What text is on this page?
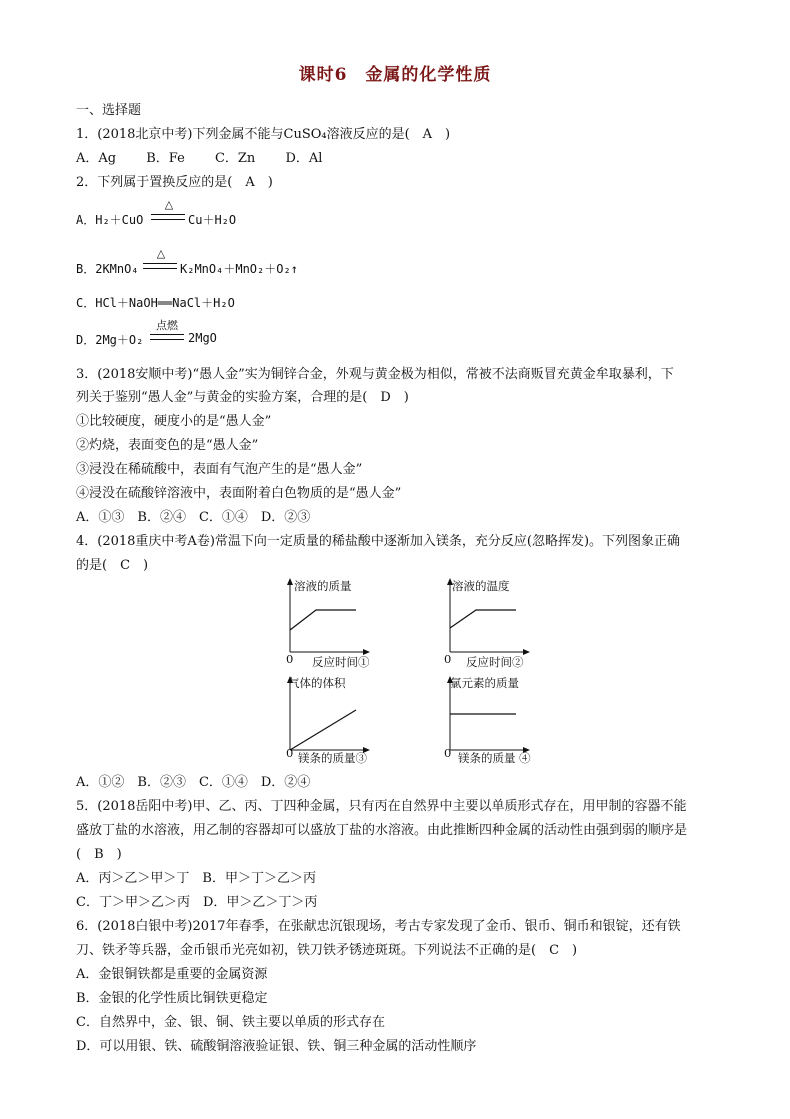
课时6　金属的化学性质
一、选择题
1．(2018北京中考)下列金属不能与CuSO₄溶液反应的是(　A　)
A．Ag B．Fe C．Zn D．Al
2．下列属于置换反应的是(　A　)
A．H₂＋CuO
△
Cu＋H₂O
B．2KMnO₄
△
K₂MnO₄＋MnO₂＋O₂↑
C．HCl＋NaOH══NaCl＋H₂O
D．2Mg＋O₂
点燃
2MgO
3．(2018安顺中考)“愚人金”实为铜锌合金，外观与黄金极为相似，常被不法商贩冒充黄金牟取暴利，下
列关于鉴别“愚人金”与黄金的实验方案，合理的是(　D　)
①比较硬度，硬度小的是“愚人金”
②灼烧，表面变色的是“愚人金”
③浸没在稀硫酸中，表面有气泡产生的是“愚人金”
④浸没在硫酸锌溶液中，表面附着白色物质的是“愚人金”
A．①③　B．②④　C．①④　D．②③
4．(2018重庆中考A卷)常温下向一定质量的稀盐酸中逐渐加入镁条，充分反应(忽略挥发)。下列图象正确
的是(　C　)
溶液的质量
0 反应时间①
溶液的温度
0 反应时间②
气体的体积
0 镁条的质量③
氯元素的质量
0 镁条的质量 ④
A．①②　B．②③　C．①④　D．②④
5．(2018岳阳中考)甲、乙、丙、丁四种金属，只有丙在自然界中主要以单质形式存在，用甲制的容器不能
盛放丁盐的水溶液，用乙制的容器却可以盛放丁盐的水溶液。由此推断四种金属的活动性由强到弱的顺序是
(　B　)
A．丙＞乙＞甲＞丁　B．甲＞丁＞乙＞丙
C．丁＞甲＞乙＞丙　D．甲＞乙＞丁＞丙
6．(2018白银中考)2017年春季，在张献忠沉银现场，考古专家发现了金币、银币、铜币和银锭，还有铁
刀、铁矛等兵器，金币银币光亮如初，铁刀铁矛锈迹斑斑。下列说法不正确的是(　C　)
A．金银铜铁都是重要的金属资源
B．金银的化学性质比铜铁更稳定
C．自然界中，金、银、铜、铁主要以单质的形式存在
D．可以用银、铁、硫酸铜溶液验证银、铁、铜三种金属的活动性顺序
